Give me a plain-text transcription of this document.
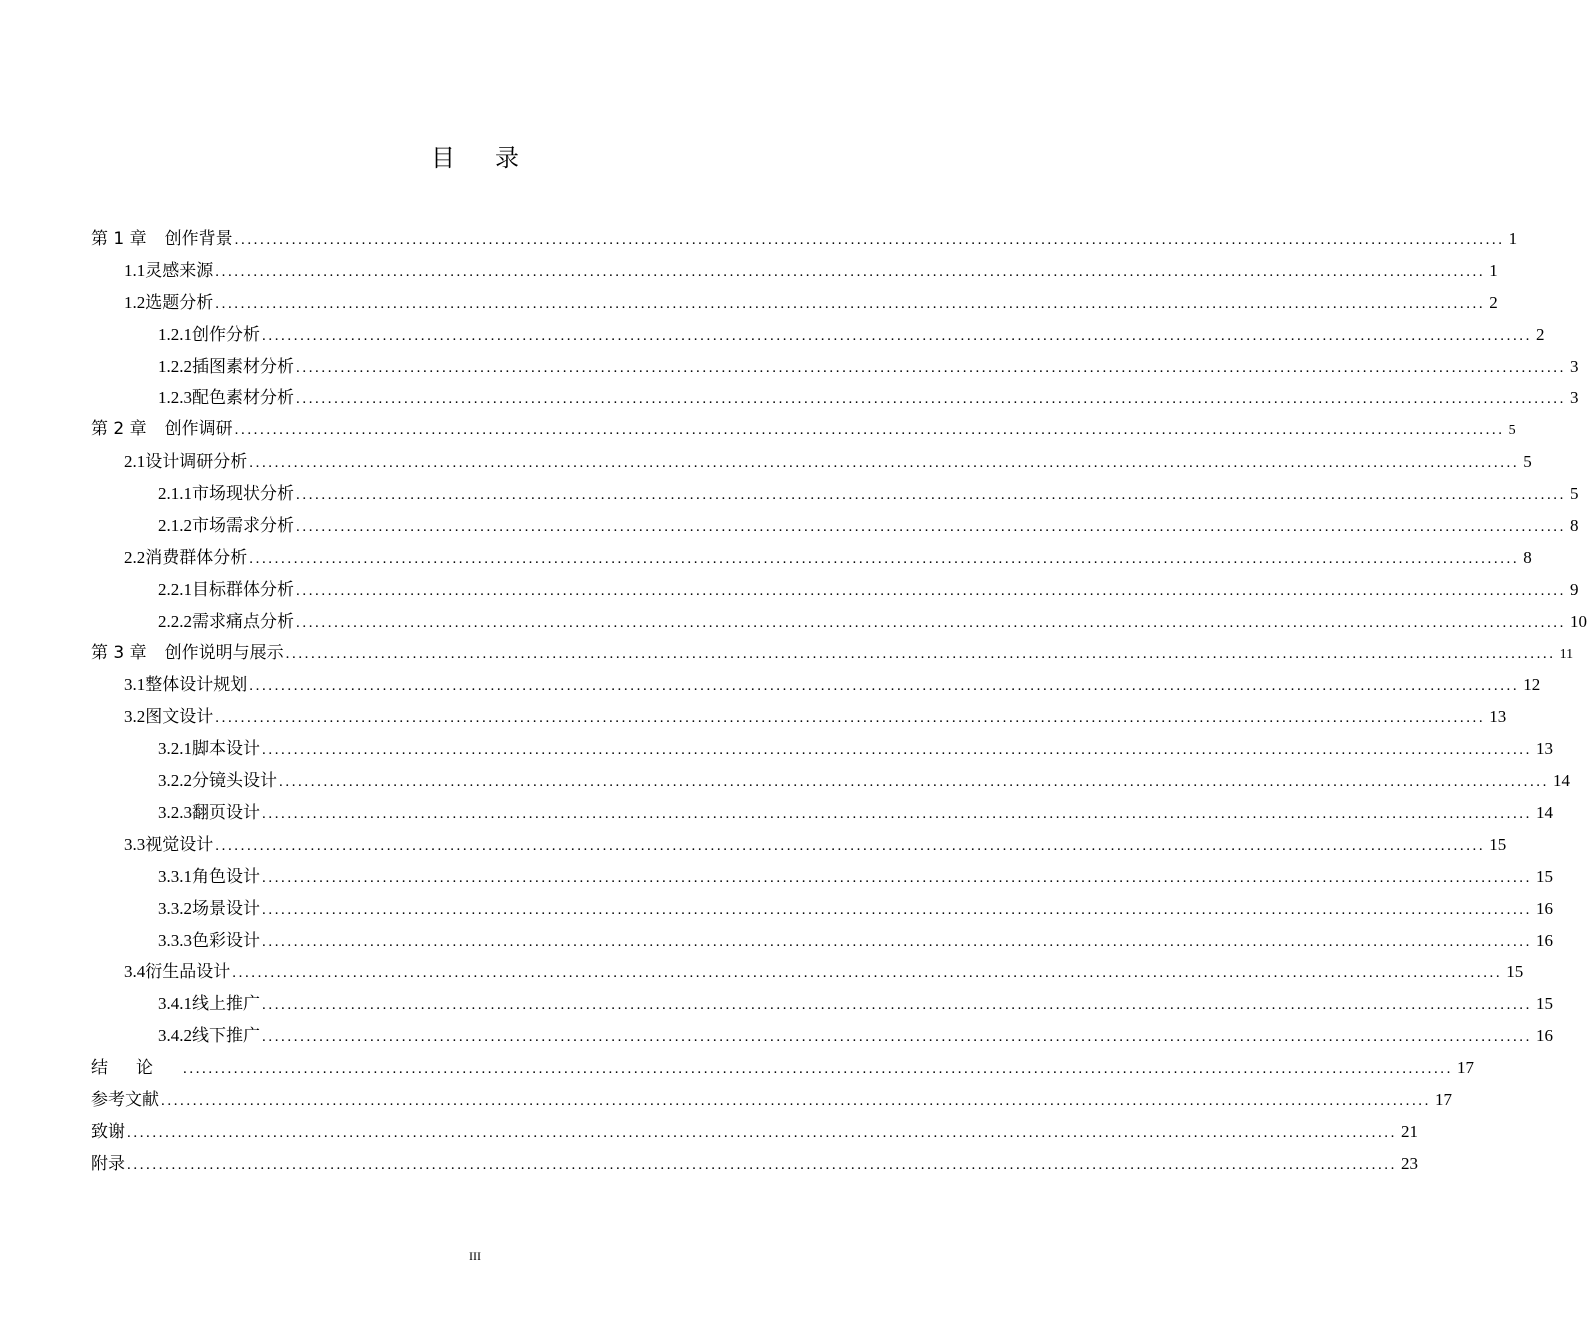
目 录
第 1 章 创作背景 ........................................................................................................................................................................................................ 1
1.1 灵感来源 ........................................................................................................................................................................................................ 1
1.2 选题分析 ........................................................................................................................................................................................................ 2
1.2.1 创作分析 ........................................................................................................................................................................................................ 2
1.2.2 插图素材分析 ........................................................................................................................................................................................................ 3
1.2.3 配色素材分析 ........................................................................................................................................................................................................ 3
第 2 章 创作调研 ........................................................................................................................................................................................................ 5
2.1 设计调研分析 ........................................................................................................................................................................................................ 5
2.1.1 市场现状分析 ........................................................................................................................................................................................................ 5
2.1.2 市场需求分析 ........................................................................................................................................................................................................ 8
2.2 消费群体分析 ........................................................................................................................................................................................................ 8
2.2.1 目标群体分析 ........................................................................................................................................................................................................ 9
2.2.2 需求痛点分析 ........................................................................................................................................................................................................ 10
第 3 章 创作说明与展示 ........................................................................................................................................................................................................ 11
3.1 整体设计规划 ........................................................................................................................................................................................................ 12
3.2 图文设计 ........................................................................................................................................................................................................ 13
3.2.1 脚本设计 ........................................................................................................................................................................................................ 13
3.2.2 分镜头设计 ........................................................................................................................................................................................................ 14
3.2.3 翻页设计 ........................................................................................................................................................................................................ 14
3.3 视觉设计 ........................................................................................................................................................................................................ 15
3.3.1 角色设计 ........................................................................................................................................................................................................ 15
3.3.2 场景设计 ........................................................................................................................................................................................................ 16
3.3.3 色彩设计 ........................................................................................................................................................................................................ 16
3.4 衍生品设计 ........................................................................................................................................................................................................ 15
3.4.1 线上推广 ........................................................................................................................................................................................................ 15
3.4.2 线下推广 ........................................................................................................................................................................................................ 16
结论 ........................................................................................................................................................................................................ 17
参考文献 ........................................................................................................................................................................................................ 17
致谢 ........................................................................................................................................................................................................ 21
附录 ........................................................................................................................................................................................................ 23
III
